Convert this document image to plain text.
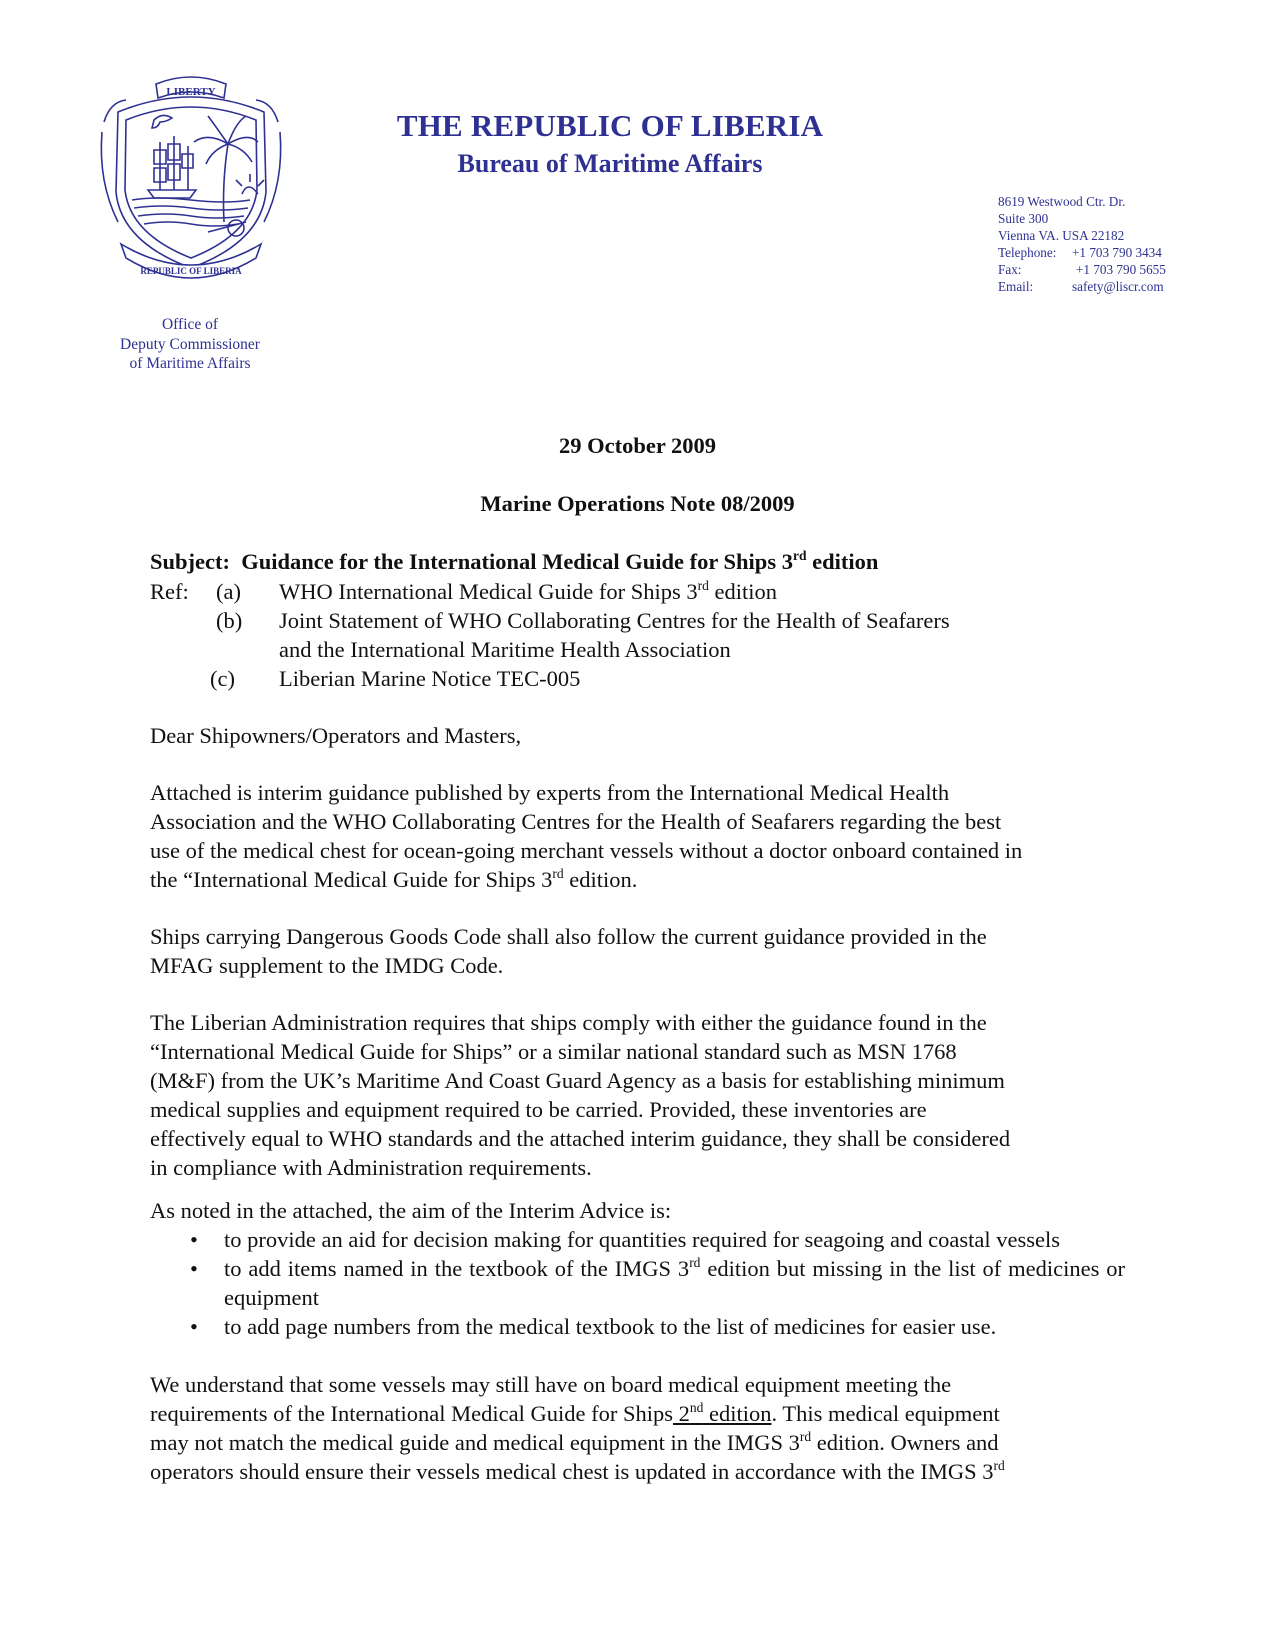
LIBERTY
REPUBLIC OF LIBERIA
THE REPUBLIC OF LIBERIA
Bureau of Maritime Affairs
8619 Westwood Ctr. Dr.
Suite 300
Vienna VA. USA 22182
Telephone: +1 703 790 3434
Fax:	+1 703 790 5655
Email:	safety@liscr.com
Office of
Deputy Commissioner
of Maritime Affairs
29 October 2009
Marine Operations Note 08/2009
Subject: Guidance for the International Medical Guide for Ships 3rd edition
Ref: (a) WHO International Medical Guide for Ships 3rd edition
(b) Joint Statement of WHO Collaborating Centres for the Health of Seafarers
and the International Maritime Health Association
(c) Liberian Marine Notice TEC-005
Dear Shipowners/Operators and Masters,
Attached is interim guidance published by experts from the International Medical Health
Association and the WHO Collaborating Centres for the Health of Seafarers regarding the best
use of the medical chest for ocean-going merchant vessels without a doctor onboard contained in
the “International Medical Guide for Ships 3rd edition.
Ships carrying Dangerous Goods Code shall also follow the current guidance provided in the
MFAG supplement to the IMDG Code.
The Liberian Administration requires that ships comply with either the guidance found in the
“International Medical Guide for Ships” or a similar national standard such as MSN 1768
(M&F) from the UK’s Maritime And Coast Guard Agency as a basis for establishing minimum
medical supplies and equipment required to be carried. Provided, these inventories are
effectively equal to WHO standards and the attached interim guidance, they shall be considered
in compliance with Administration requirements.
As noted in the attached, the aim of the Interim Advice is:
• to provide an aid for decision making for quantities required for seagoing and coastal vessels
• to add items named in the textbook of the IMGS 3rd edition but missing in the list of medicines or equipment
• to add page numbers from the medical textbook to the list of medicines for easier use.
We understand that some vessels may still have on board medical equipment meeting the
requirements of the International Medical Guide for Ships 2nd edition. This medical equipment
may not match the medical guide and medical equipment in the IMGS 3rd edition. Owners and
operators should ensure their vessels medical chest is updated in accordance with the IMGS 3rd
